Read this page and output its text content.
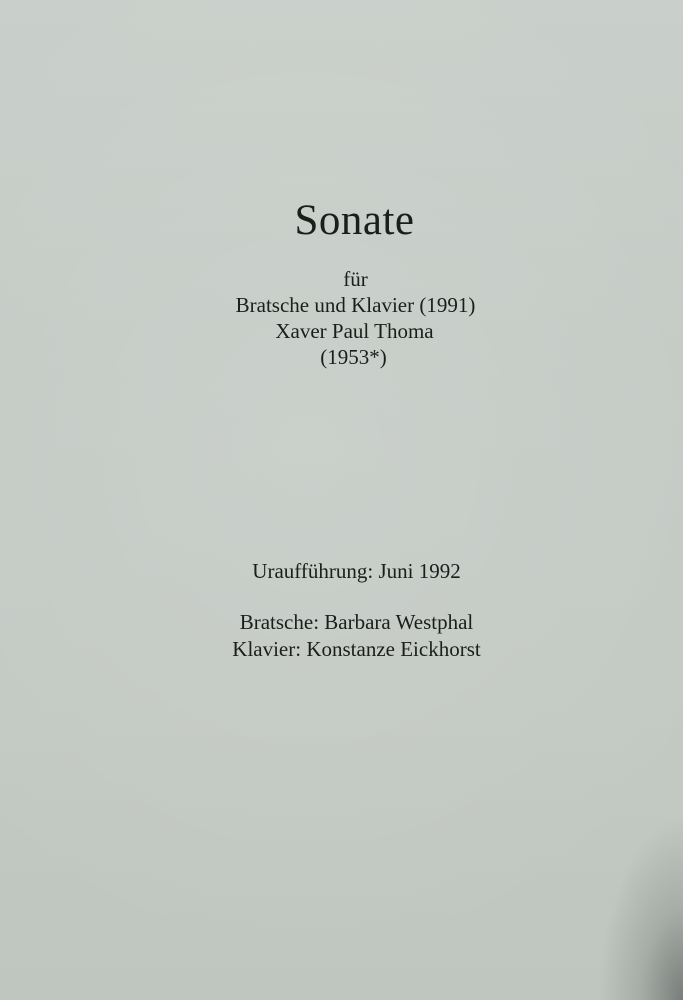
Sonate
für
Bratsche und Klavier (1991)
Xaver Paul Thoma
(1953*)
Uraufführung: Juni 1992
Bratsche: Barbara Westphal
Klavier: Konstanze Eickhorst
